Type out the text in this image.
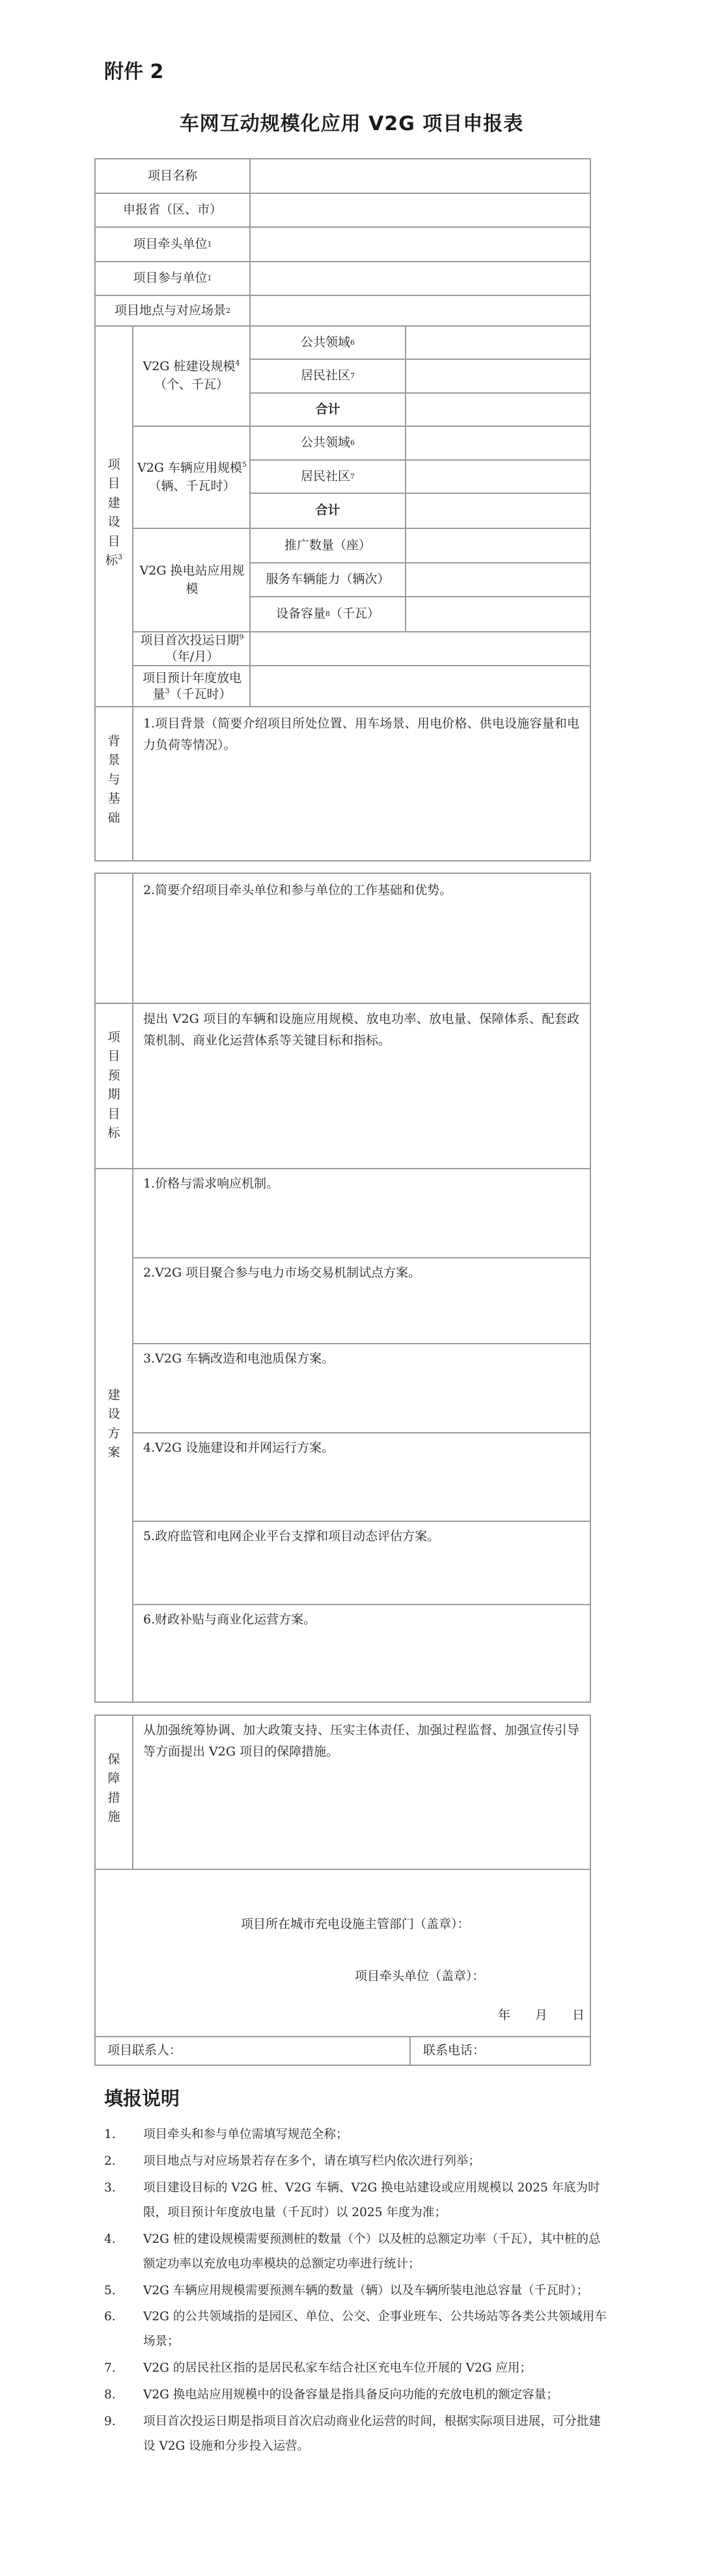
附件 2
车网互动规模化应用 V2G 项目申报表
项目名称
申报省（区、市）
项目牵头单位 1
项目参与单位 1
项目地点与对应场景 2
项目建设目标$^3$
V2G 桩建设规模$^4$
（个、千瓦）
公共领域 6
居民社区 7
合计
V2G 车辆应用规模$^5$（辆、千瓦时）
公共领域 6
居民社区 7
合计
V2G 换电站应用规模
推广数量（座）
服务车辆能力（辆次）
设备容量 8 （千瓦）
项目首次投运日期$^9$（年/月）
项目预计年度放电量$^3$（千瓦时）
背景与基础
1.项目背景（简要介绍项目所处位置、用车场景、用电价格、供电设施容量和电力负荷等情况）。
2.简要介绍项目牵头单位和参与单位的工作基础和优势。
项目预期目标
提出 V2G 项目的车辆和设施应用规模、放电功率、放电量、保障体系、配套政策机制、商业化运营体系等关键目标和指标。
建设方案
1.价格与需求响应机制。
2.V2G 项目聚合参与电力市场交易机制试点方案。
3.V2G 车辆改造和电池质保方案。
4.V2G 设施建设和并网运行方案。
5.政府监管和电网企业平台支撑和项目动态评估方案。
6.财政补贴与商业化运营方案。
保障措施
从加强统筹协调、加大政策支持、压实主体责任、加强过程监督、加强宣传引导等方面提出 V2G 项目的保障措施。
项目所在城市充电设施主管部门（盖章）：
项目牵头单位（盖章）：
年　　月　　日
项目联系人：	联系电话：
填报说明
1. 项目牵头和参与单位需填写规范全称；
2. 项目地点与对应场景若存在多个，请在填写栏内依次进行列举；
3. 项目建设目标的 V2G 桩、V2G 车辆、V2G 换电站建设或应用规模以 2025 年底为时限，项目预计年度放电量（千瓦时）以 2025 年度为准；
4. V2G 桩的建设规模需要预测桩的数量（个）以及桩的总额定功率（千瓦），其中桩的总额定功率以充放电功率模块的总额定功率进行统计；
5. V2G 车辆应用规模需要预测车辆的数量（辆）以及车辆所装电池总容量（千瓦时）；
6. V2G 的公共领域指的是园区、单位、公交、企事业班车、公共场站等各类公共领域用车场景；
7. V2G 的居民社区指的是居民私家车结合社区充电车位开展的 V2G 应用；
8. V2G 换电站应用规模中的设备容量是指具备反向功能的充放电机的额定容量；
9. 项目首次投运日期是指项目首次启动商业化运营的时间，根据实际项目进展，可分批建设 V2G 设施和分步投入运营。
